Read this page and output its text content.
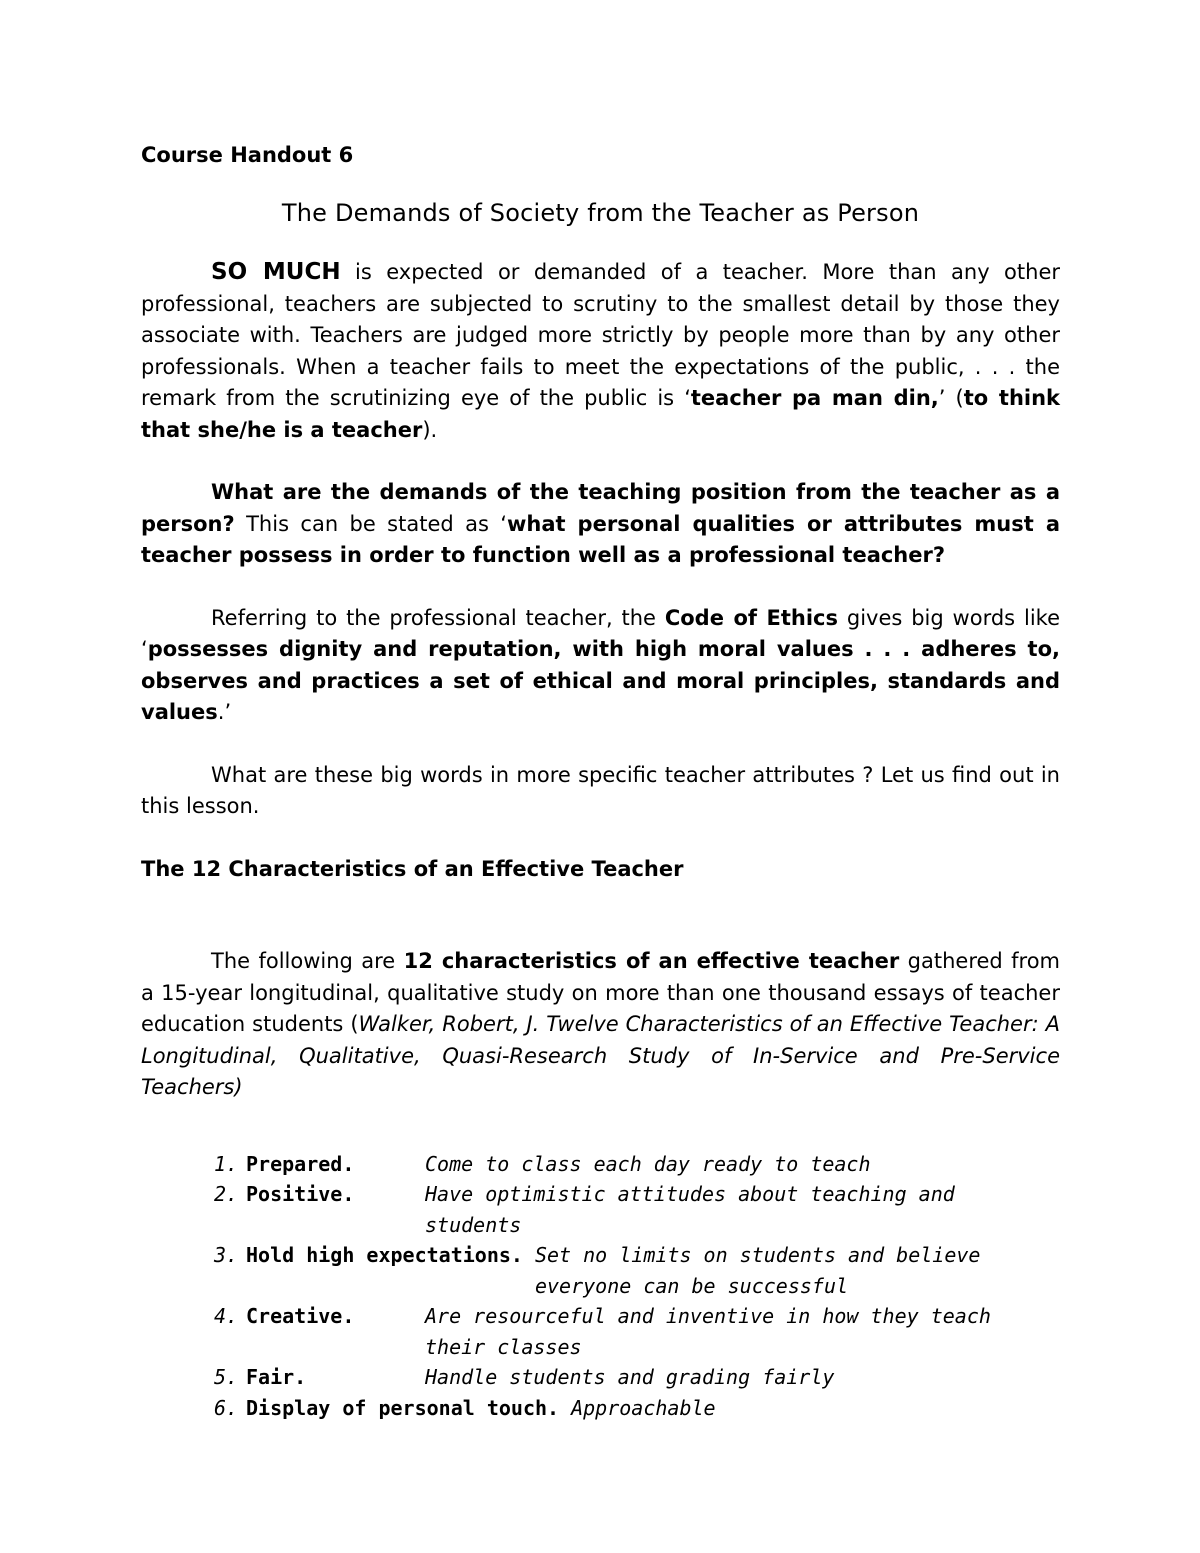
Course Handout 6

The Demands of Society from the Teacher as Person

SO MUCH is expected or demanded of a teacher. More than any other professional, teachers are subjected to scrutiny to the smallest detail by those they associate with. Teachers are judged more strictly by people more than by any other professionals. When a teacher fails to meet the expectations of the public, . . . the remark from the scrutinizing eye of the public is ‘teacher pa man din,’ (to think that she/he is a teacher).

What are the demands of the teaching position from the teacher as a person? This can be stated as ‘what personal qualities or attributes must a teacher possess in order to function well as a professional teacher?

Referring to the professional teacher, the Code of Ethics gives big words like ‘possesses dignity and reputation, with high moral values . . . adheres to, observes and practices a set of ethical and moral principles, standards and values.’

What are these big words in more specific teacher attributes ? Let us find out in this lesson.

The 12 Characteristics of an Effective Teacher

The following are 12 characteristics of an effective teacher gathered from a 15-year longitudinal, qualitative study on more than one thousand essays of teacher education students (Walker, Robert, J. Twelve Characteristics of an Effective Teacher: A Longitudinal, Qualitative, Quasi-Research Study of In-Service and Pre-Service Teachers)

1. Prepared.	Come to class each day ready to teach
2. Positive.	Have optimistic attitudes about teaching and students
3. Hold high expectations. Set no limits on students and believe everyone can be successful
4. Creative.	Are resourceful and inventive in how they teach their classes
5. Fair.	Handle students and grading fairly
6. Display of personal touch. Approachable
